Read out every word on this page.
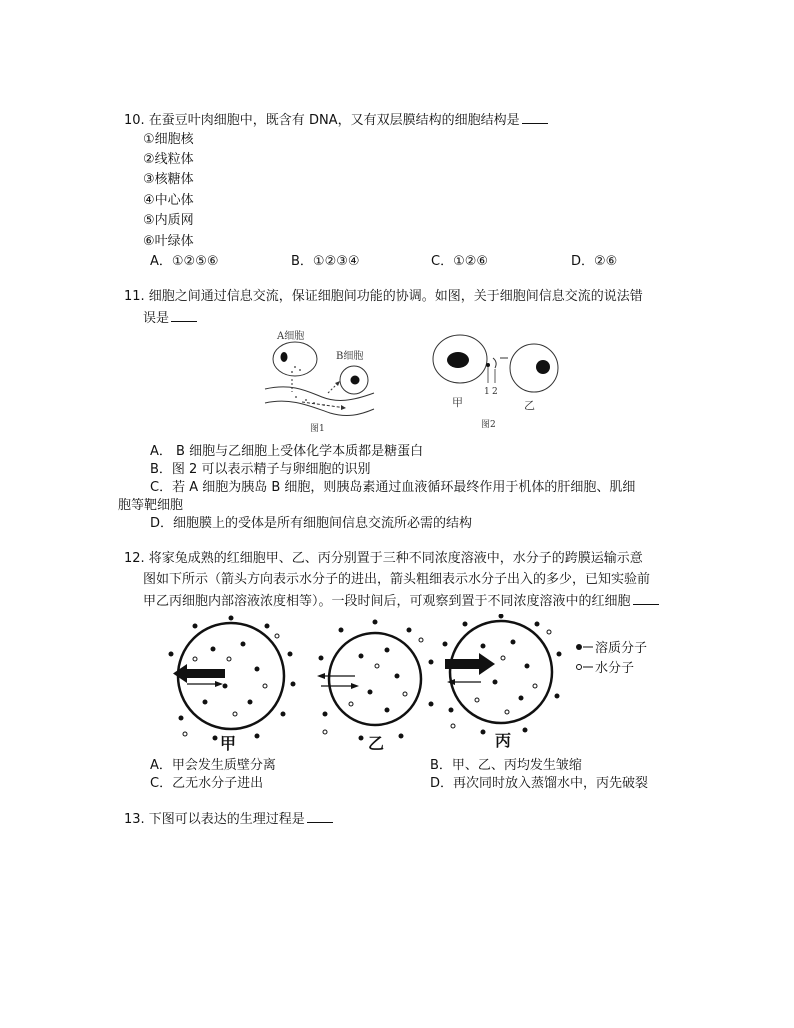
10. 在蚕豆叶肉细胞中，既含有 DNA，又有双层膜结构的细胞结构是
①细胞核
②线粒体
③核糖体
④中心体
⑤内质网
⑥叶绿体
A．①②⑤⑥	B．①②③④	C．①②⑥	D．②⑥
11. 细胞之间通过信息交流，保证细胞间功能的协调。如图，关于细胞间信息交流的说法错
误是
A细胞
B细胞
图1
1 2
甲	乙
图2
A． B 细胞与乙细胞上受体化学本质都是糖蛋白
B．图 2 可以表示精子与卵细胞的识别
C．若 A 细胞为胰岛 B 细胞，则胰岛素通过血液循环最终作用于机体的肝细胞、肌细
胞等靶细胞
D．细胞膜上的受体是所有细胞间信息交流所必需的结构
12. 将家兔成熟的红细胞甲、乙、丙分别置于三种不同浓度溶液中，水分子的跨膜运输示意
图如下所示（箭头方向表示水分子的进出，箭头粗细表示水分子出入的多少，已知实验前
甲乙丙细胞内部溶液浓度相等）。一段时间后，可观察到置于不同浓度溶液中的红细胞
甲	乙	丙
溶质分子
水分子
A．甲会发生质壁分离	B．甲、乙、丙均发生皱缩
C．乙无水分子进出	D．再次同时放入蒸馏水中，丙先破裂
13. 下图可以表达的生理过程是
